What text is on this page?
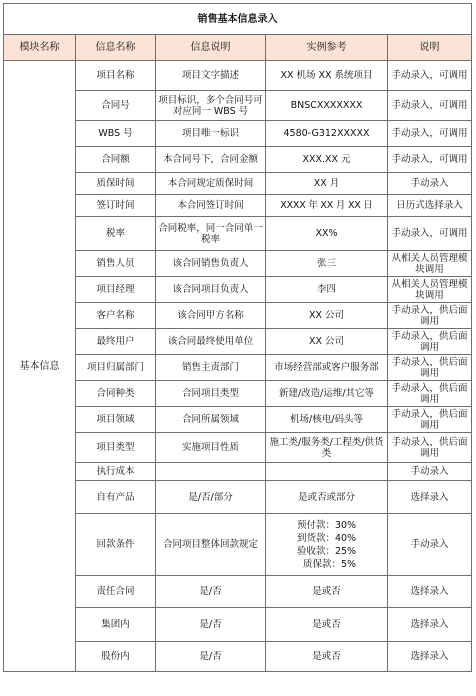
销售基本信息录入				
模块名称	信息名称	信息说明	实例参考	说明
基本信息	项目名称	项目文字描述	XX 机场 XX 系统项目	手动录入，可调用
	合同号	项目标识，多个合同号可对应同一 WBS 号	BNSCXXXXXXX	手动录入，可调用
	WBS 号	项目唯一标识	4580-G312XXXXX	手动录入，可调用
	合同额	本合同号下，合同金额	XXX.XX 元	手动录入，可调用
	质保时间	本合同规定质保时间	XX 月	手动录入
	签订时间	本合同签订时间	XXXX 年 XX 月 XX 日	日历式选择录入
	税率	合同税率，同一合同单一税率	XX%	手动录入，可调用
	销售人员	该合同销售负责人	张三	从相关人员管理模块调用
	项目经理	该合同项目负责人	李四	从相关人员管理模块调用
	客户名称	该合同甲方名称	XX 公司	手动录入，供后面调用
	最终用户	该合同最终使用单位	XX 公司	手动录入，供后面调用
	项目归属部门	销售主责部门	市场经营部或客户服务部	手动录入，供后面调用
	合同种类	合同项目类型	新建/改造/运维/其它等	手动录入，供后面调用
	项目领域	合同所属领域	机场/核电/码头等	手动录入，供后面调用
	项目类型	实施项目性质	施工类/服务类/工程类/供货类	手动录入，供后面调用
	执行成本			手动录入
	自有产品	是/否/部分	是或否或部分	选择录入
	回款条件	合同项目整体回款规定	预付款：30%
到货款：40%
验收款：25%
质保款：5%	手动录入
	责任合同	是/否	是或否	选择录入
	集团内	是/否	是或否	选择录入
	股份内	是/否	是或否	选择录入
